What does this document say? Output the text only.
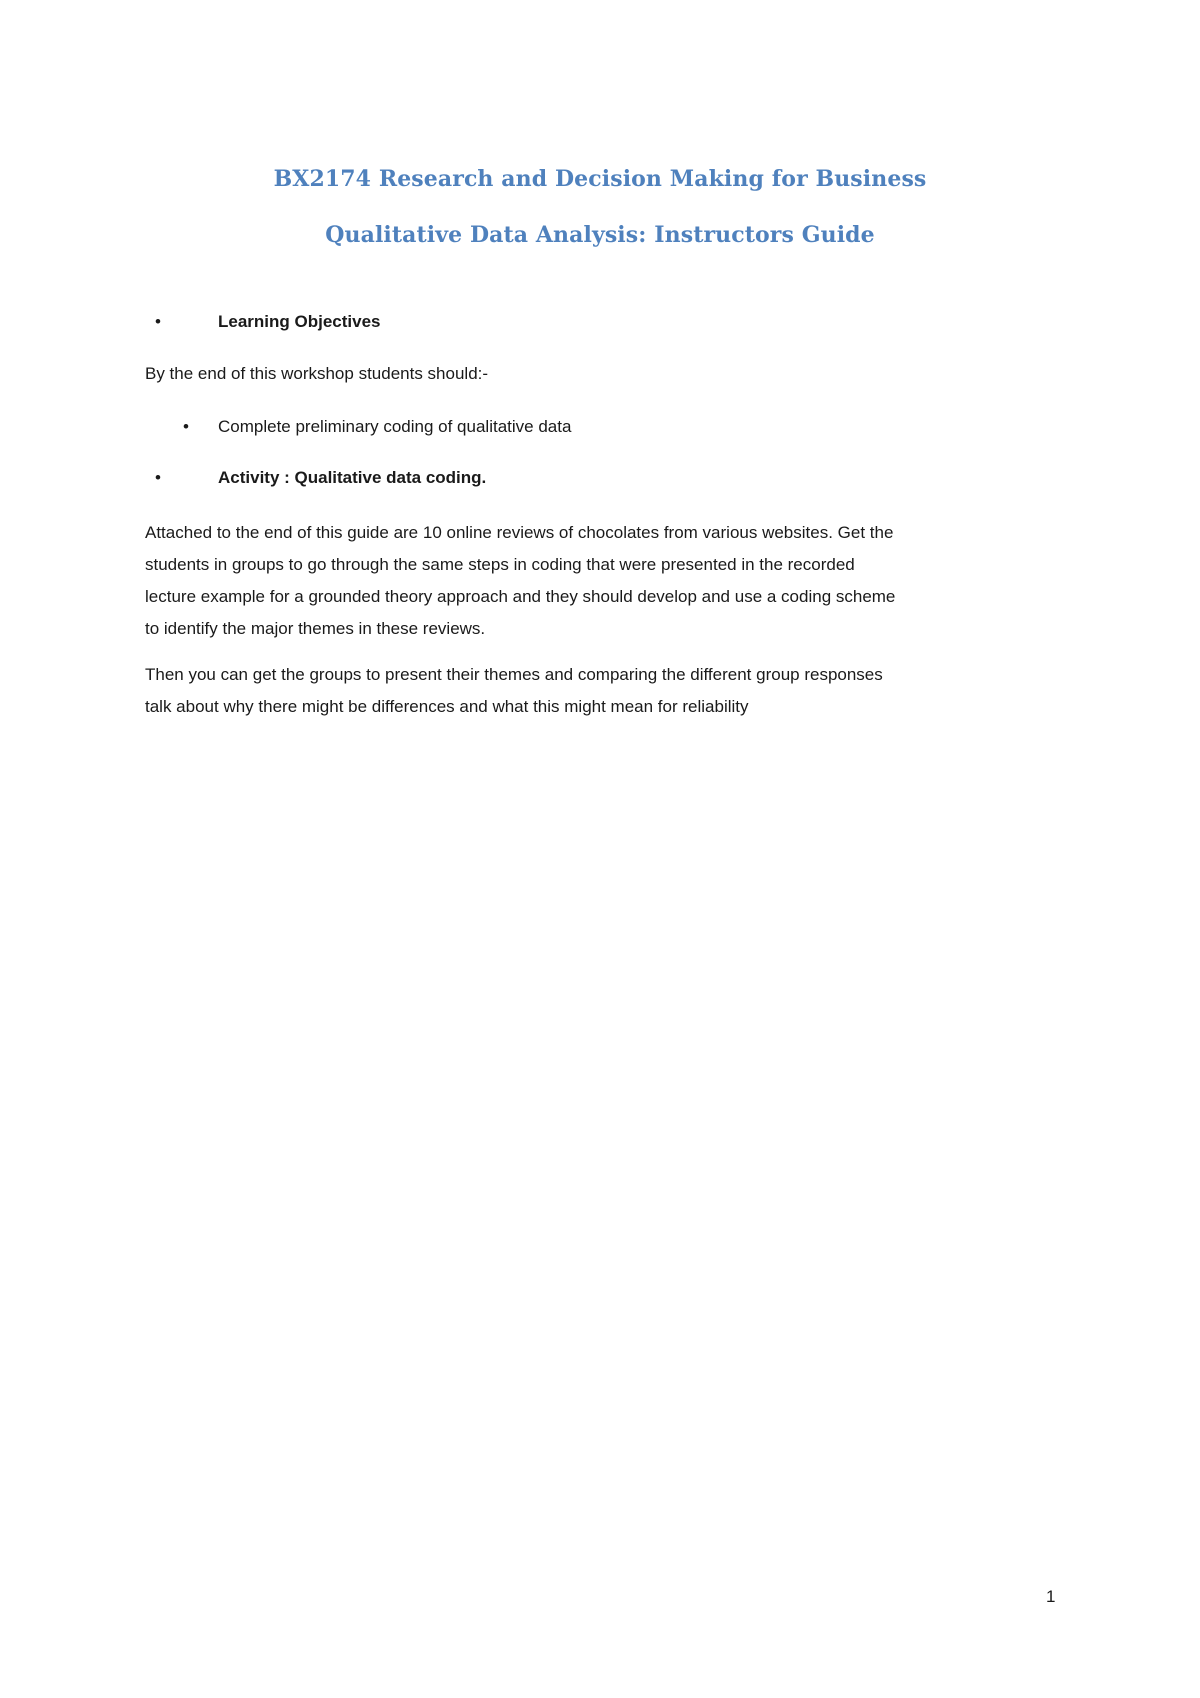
BX2174 Research and Decision Making for Business
Qualitative Data Analysis: Instructors Guide
•	Learning Objectives
By the end of this workshop students should:-
• Complete preliminary coding of qualitative data
•	Activity : Qualitative data coding.

Attached to the end of this guide are 10 online reviews of chocolates from various websites. Get the
students in groups to go through the same steps in coding that were presented in the recorded
lecture example for a grounded theory approach and they should develop and use a coding scheme
to identify the major themes in these reviews.

Then you can get the groups to present their themes and comparing the different group responses
talk about why there might be differences and what this might mean for reliability

1
